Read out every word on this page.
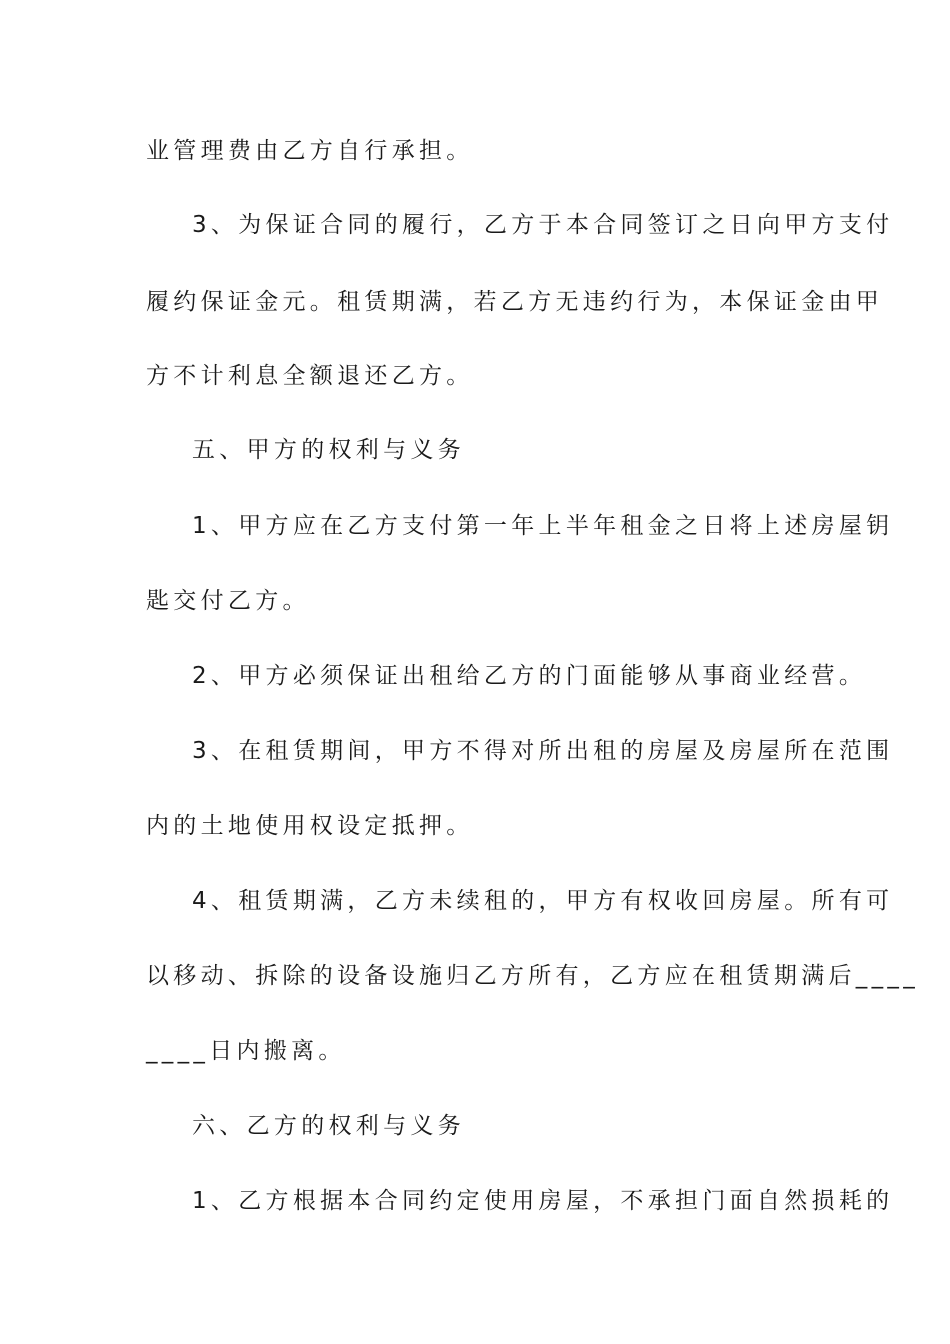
业管理费由乙方自行承担。
3、为保证合同的履行，乙方于本合同签订之日向甲方支付
履约保证金元。租赁期满，若乙方无违约行为，本保证金由甲
方不计利息全额退还乙方。
五、甲方的权利与义务
1、甲方应在乙方支付第一年上半年租金之日将上述房屋钥
匙交付乙方。
2、甲方必须保证出租给乙方的门面能够从事商业经营。
3、在租赁期间，甲方不得对所出租的房屋及房屋所在范围
内的土地使用权设定抵押。
4、租赁期满，乙方未续租的，甲方有权收回房屋。所有可
以移动、拆除的设备设施归乙方所有，乙方应在租赁期满后____
____日内搬离。
六、乙方的权利与义务
1、乙方根据本合同约定使用房屋，不承担门面自然损耗的
